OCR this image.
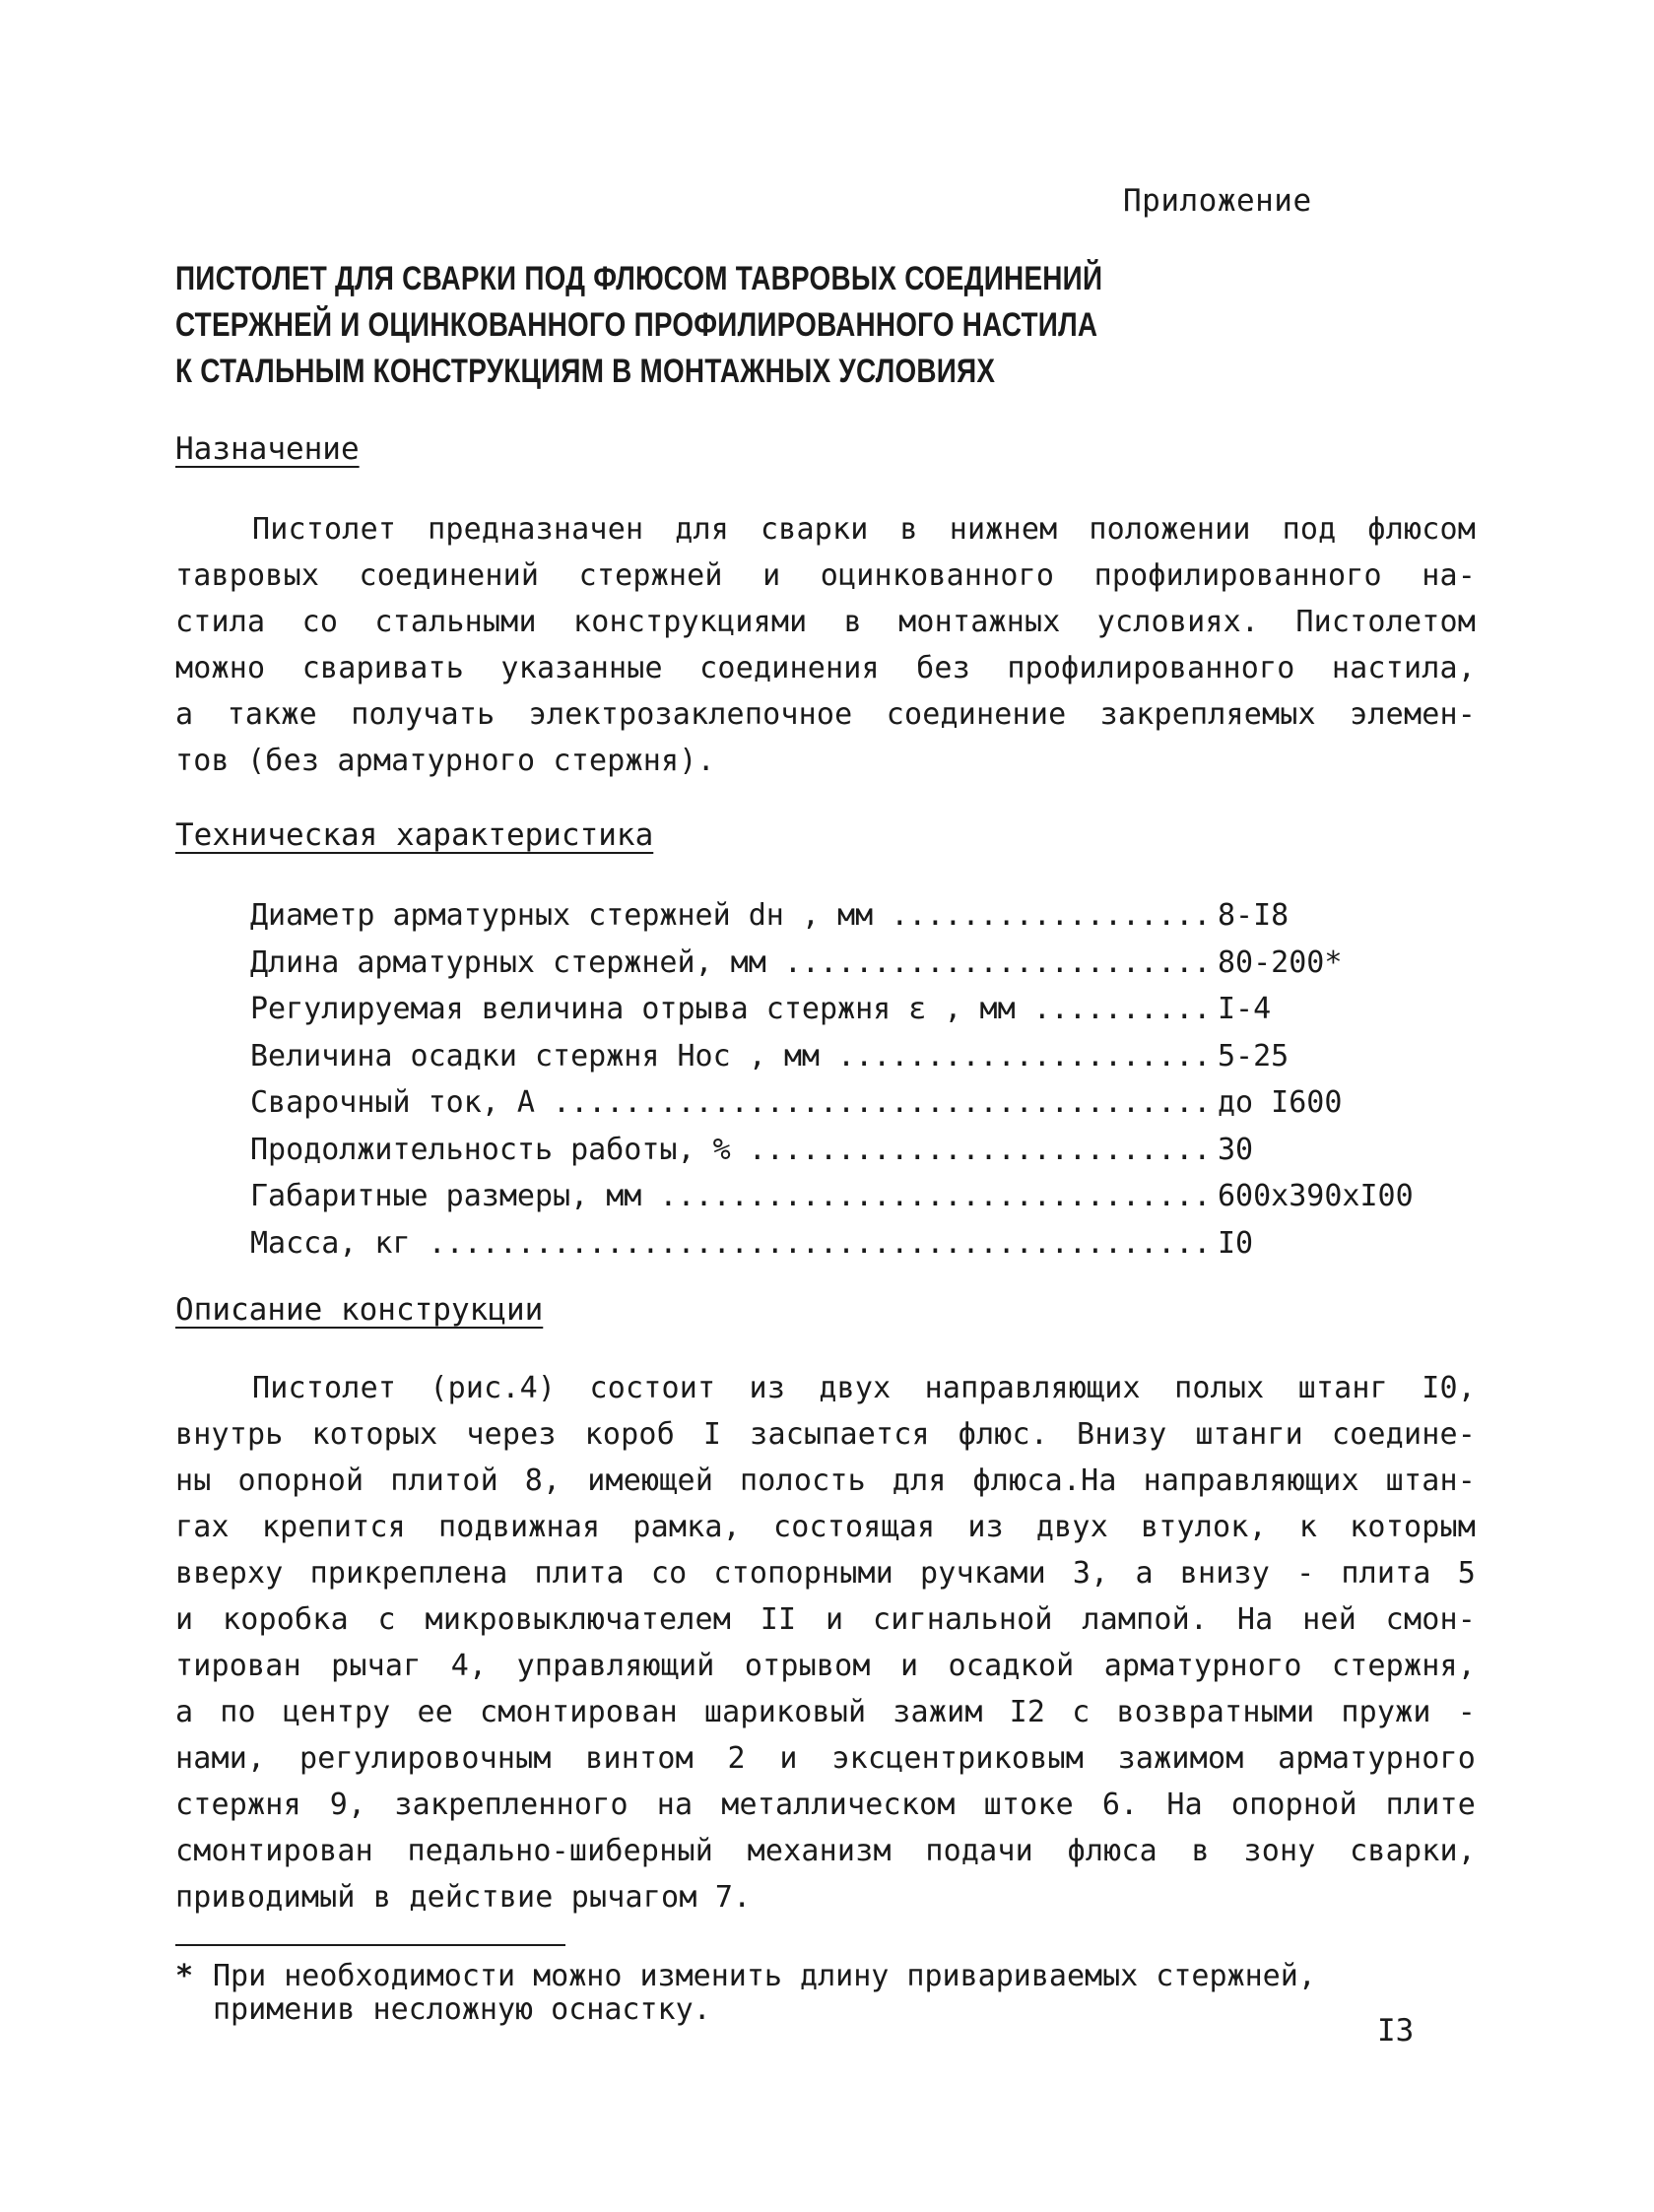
Приложение
ПИСТОЛЕТ ДЛЯ СВАРКИ ПОД ФЛЮСОМ ТАВРОВЫХ СОЕДИНЕНИЙ
СТЕРЖНЕЙ И ОЦИНКОВАННОГО ПРОФИЛИРОВАННОГО НАСТИЛА
К СТАЛЬНЫМ КОНСТРУКЦИЯМ В МОНТАЖНЫХ УСЛОВИЯХ
Назначение
Пистолет предназначен для сварки в нижнем положении под флюсом
тавровых соединений стержней и оцинкованного профилированного на-
стила со стальными конструкциями в монтажных условиях. Пистолетом
можно сваривать указанные соединения без профилированного настила,
а также получать электрозаклепочное соединение закрепляемых элемен-
тов (без арматурного стержня).
Техническая характеристика
Диаметр арматурных стержней dн , мм .....	8-I8
Длина арматурных стержней, мм .....	80-200*
Регулируемая величина отрыва стержня ε , мм .....	I-4
Величина осадки стержня Hос , мм .....	5-25
Сварочный ток, А .....	до I600
Продолжительность работы, % .....	30
Габаритные размеры, мм .....	600x390xI00
Масса, кг .....	I0
Описание конструкции
Пистолет (рис.4) состоит из двух направляющих полых штанг I0,
внутрь которых через короб I засыпается флюс. Внизу штанги соедине-
ны опорной плитой 8, имеющей полость для флюса.На направляющих штан-
гах крепится подвижная рамка, состоящая из двух втулок, к которым
вверху прикреплена плита со стопорными ручками 3, а внизу - плита 5
и коробка с микровыключателем II и сигнальной лампой. На ней смон-
тирован рычаг 4, управляющий отрывом и осадкой арматурного стержня,
а по центру ее смонтирован шариковый зажим I2 с возвратными пружи -
нами, регулировочным винтом 2 и эксцентриковым зажимом арматурного
стержня 9, закрепленного на металлическом штоке 6. На опорной плите
смонтирован педально-шиберный механизм подачи флюса в зону сварки,
приводимый в действие рычагом 7.
* При необходимости можно изменить длину привариваемых стержней,
применив несложную оснастку.
I3
